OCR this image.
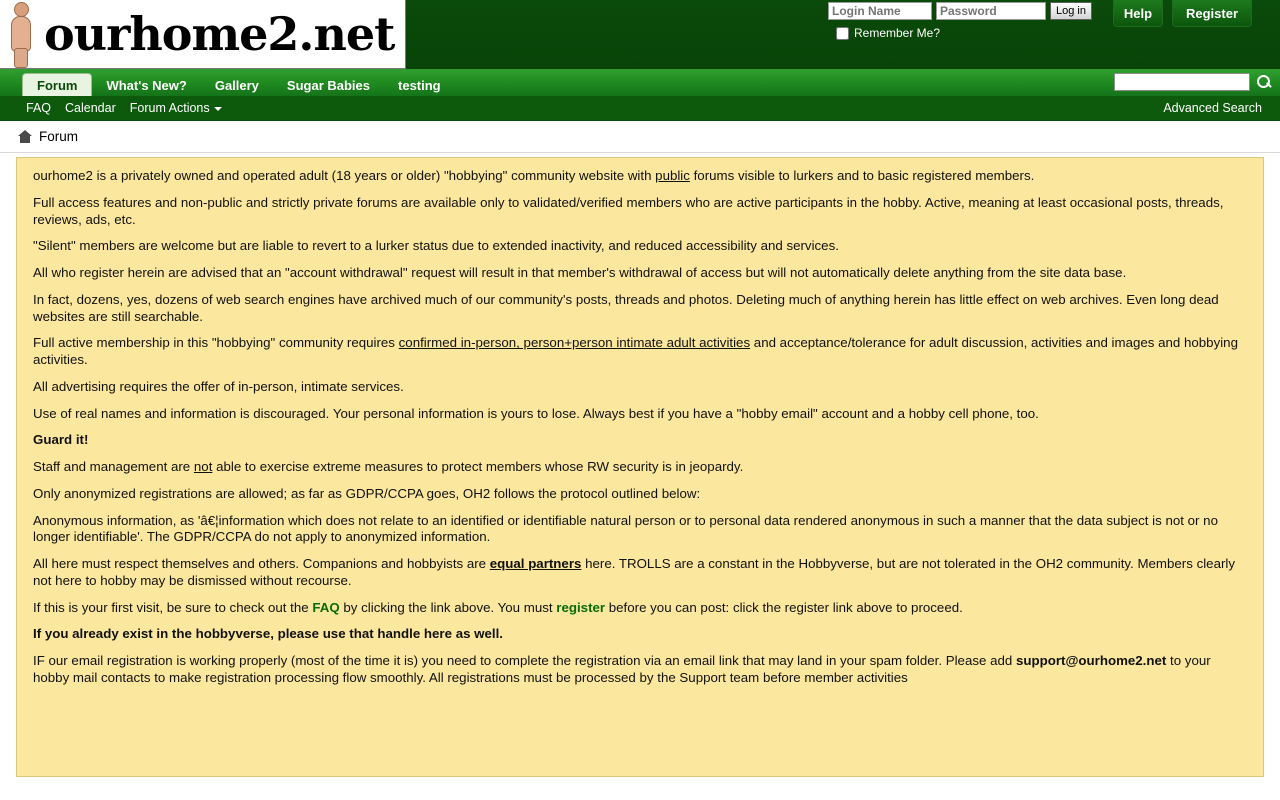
ourhome2.net
Login Name
Password	Log in
Remember Me?
Help	Register
Forum	What's New?	Gallery	Sugar Babies	testing
FAQ Calendar Forum Actions	Advanced Search
Forum

ourhome2 is a privately owned and operated adult (18 years or older) "hobbying" community website with public forums visible to lurkers and to basic registered members.

Full access features and non-public and strictly private forums are available only to validated/verified members who are active participants in the hobby. Active, meaning at least occasional posts, threads, reviews, ads, etc.

"Silent" members are welcome but are liable to revert to a lurker status due to extended inactivity, and reduced accessibility and services.

All who register herein are advised that an "account withdrawal" request will result in that member's withdrawal of access but will not automatically delete anything from the site data base.

In fact, dozens, yes, dozens of web search engines have archived much of our community's posts, threads and photos. Deleting much of anything herein has little effect on web archives. Even long dead websites are still searchable.

Full active membership in this "hobbying" community requires confirmed in-person, person+person intimate adult activities and acceptance/tolerance for adult discussion, activities and images and hobbying activities.

All advertising requires the offer of in-person, intimate services.

Use of real names and information is discouraged. Your personal information is yours to lose. Always best if you have a "hobby email" account and a hobby cell phone, too.

Guard it!

Staff and management are not able to exercise extreme measures to protect members whose RW security is in jeopardy.

Only anonymized registrations are allowed; as far as GDPR/CCPA goes, OH2 follows the protocol outlined below:

Anonymous information, as 'â€¦information which does not relate to an identified or identifiable natural person or to personal data rendered anonymous in such a manner that the data subject is not or no longer identifiable'. The GDPR/CCPA do not apply to anonymized information.

All here must respect themselves and others. Companions and hobbyists are equal partners here. TROLLS are a constant in the Hobbyverse, but are not tolerated in the OH2 community. Members clearly not here to hobby may be dismissed without recourse.

If this is your first visit, be sure to check out the FAQ by clicking the link above. You must register before you can post: click the register link above to proceed.

If you already exist in the hobbyverse, please use that handle here as well.

IF our email registration is working properly (most of the time it is) you need to complete the registration via an email link that may land in your spam folder. Please add support@ourhome2.net to your hobby mail contacts to make registration processing flow smoothly. All registrations must be processed by the Support team before member activities
